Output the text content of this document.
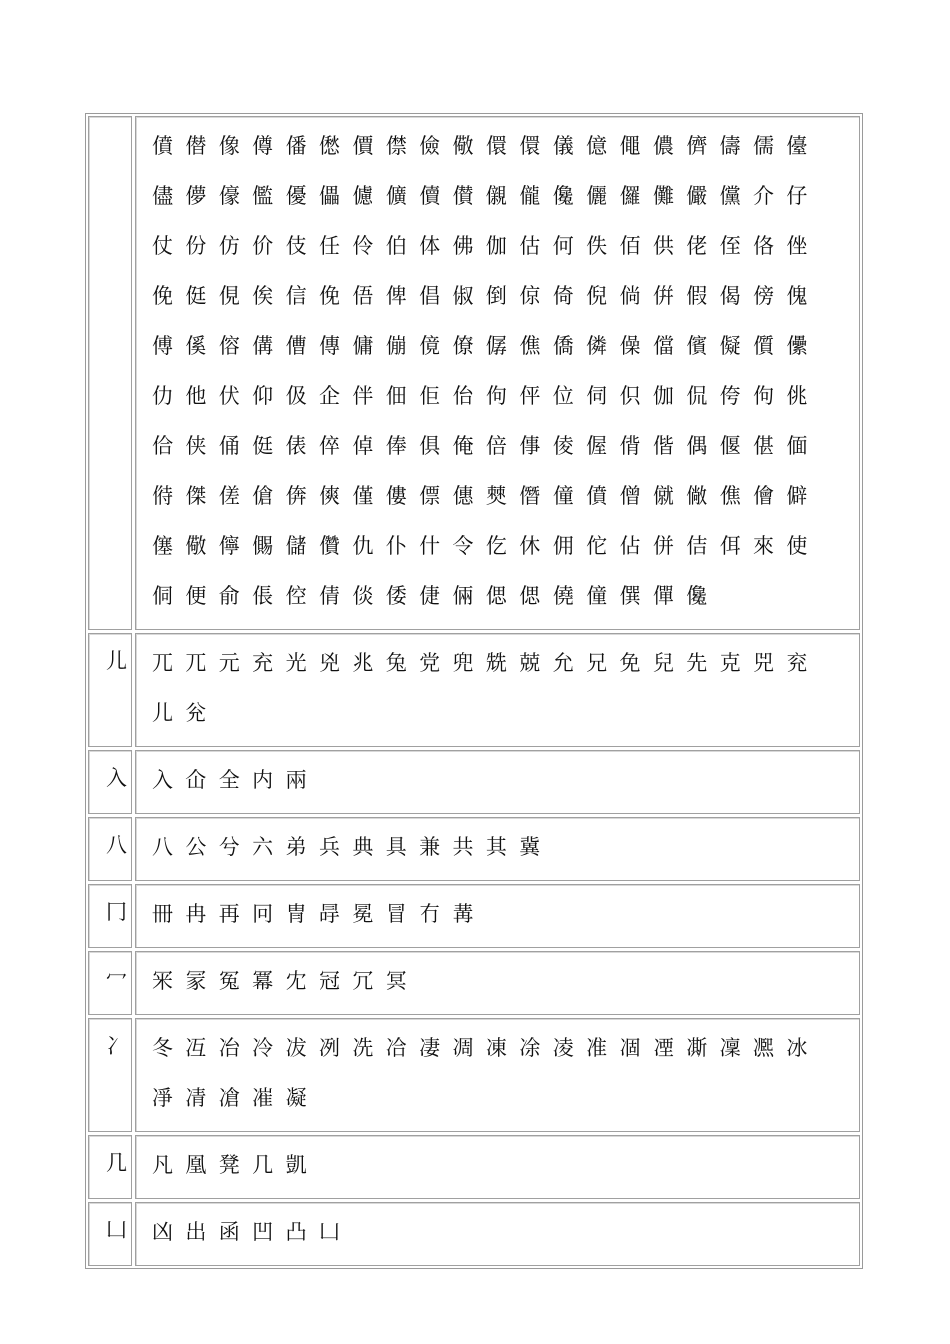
僨 僣 像 僔 僠 僽 價 僸 儉 儆 儇 儇 儀 億 僶 儂 儕 儔 儒 儓儘 儚 儫 儖 優 儡 儢 儣 儥 儧 儭 儱 儳 儷 儸 儺 儼 儻 介 仔仗 份 仿 价 伎 任 伶 伯 体 佛 伽 估 何 佚 佰 供 佬 侄 佫 侳俛 侹 俔 俟 信 俛 俉 俾 倡 俶 倒 倞 倚 倪 倘 倂 假 偈 傍 傀傅 傒 傛 傋 傮 傳 傭 傰 傹 僚 僝 僬 僑 僯 僺 儅 儐 儗 儨 儽仂 他 伏 仰 伋 企 伴 佃 佢 佁 佝 伻 位 伺 伿 伽 侃 侉 佝 佻佮 侠 俑 侹 俵 倅 倬 俸 俱 俺 倍 倳 倰 偓 偝 偕 偶 偃 偡 偭偫 傑 傞 傖 倴 傸 僅 僂 僄 僡 僰 僭 僮 僨 僧 僦 僘 僬 儈 僻僿 儆 儜 儩 儲 儹 仇 仆 什 令 仡 休 佣 佗 佔 併 佶 佴 來 使侗 便 俞 倀 倥 倩 倓 倭 倢 倆 偲 偲 僥 僮 僎 僤 儳
儿	兀 兀 元 充 光 兇 兆 兔 党 兜 兟 兢 允 兄 免 兒 先 克 兕 兖儿 兊
入	入 仚 全 内 兩
八	八 公 兮 六 弟 兵 典 具 兼 共 其 冀
冂	冊 冉 再 冋 冑 冔 冕 冒 冇 冓
冖	冞 冡 冤 冪 冘 冠 冗 冥
冫	冬 冱 冶 冷 冹 冽 冼 冾 凄 凋 凍 凃 凌 准 凅 凐 凘 凜 凞 冰凈 凊 凔 凗 凝
几	凡 凰 凳 几 凱
凵	凶 出 函 凹 凸 凵
